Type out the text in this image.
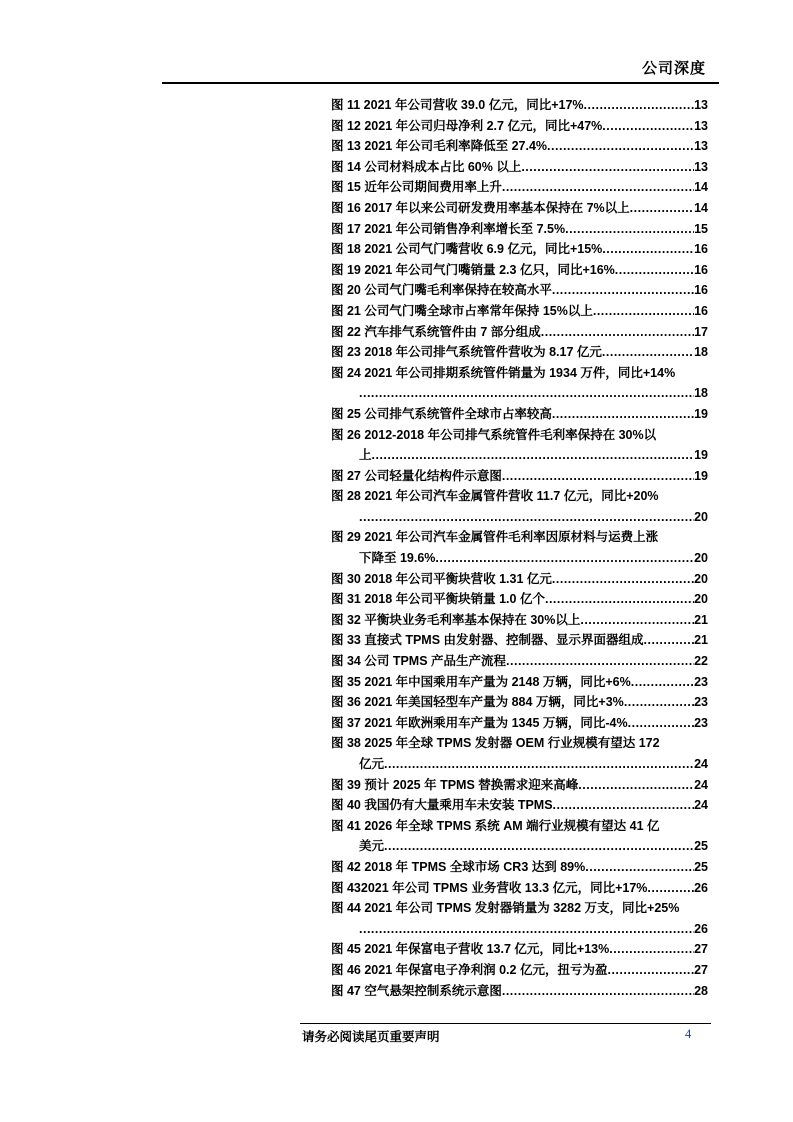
公司深度
图 11 2021 年公司营收 39.0 亿元，同比+17% .....	13
图 12 2021 年公司归母净利 2.7 亿元，同比+47% .....	13
图 13 2021 年公司毛利率降低至 27.4% .....	13
图 14 公司材料成本占比 60% 以上 .....	13
图 15 近年公司期间费用率上升 .....	14
图 16 2017 年以来公司研发费用率基本保持在 7%以上 .....	14
图 17 2021 年公司销售净利率增长至 7.5% .....	15
图 18 2021 公司气门嘴营收 6.9 亿元，同比+15% .....	16
图 19 2021 年公司气门嘴销量 2.3 亿只，同比+16% .....	16
图 20 公司气门嘴毛利率保持在较高水平 .....	16
图 21 公司气门嘴全球市占率常年保持 15%以上 .....	16
图 22 汽车排气系统管件由 7 部分组成 .....	17
图 23 2018 年公司排气系统管件营收为 8.17 亿元 .....	18
图 24 2021 年公司排期系统管件销量为 1934 万件，同比+14%
.....
18
图 25 公司排气系统管件全球市占率较高 .....	19
图 26 2012-2018 年公司排气系统管件毛利率保持在 30%以
上 .....	19
图 27 公司轻量化结构件示意图 .....	19
图 28 2021 年公司汽车金属管件营收 11.7 亿元，同比+20%
.....
20
图 29 2021 年公司汽车金属管件毛利率因原材料与运费上涨
下降至 19.6% .....	20
图 30 2018 年公司平衡块营收 1.31 亿元 .....	20
图 31 2018 年公司平衡块销量 1.0 亿个 .....	20
图 32 平衡块业务毛利率基本保持在 30%以上 .....	21
图 33 直接式 TPMS 由发射器、控制器、显示界面器组成 .....	21
图 34 公司 TPMS 产品生产流程 .....	22
图 35 2021 年中国乘用车产量为 2148 万辆，同比+6% .....	23
图 36 2021 年美国轻型车产量为 884 万辆，同比+3% .....	23
图 37 2021 年欧洲乘用车产量为 1345 万辆，同比-4% .....	23
图 38 2025 年全球 TPMS 发射器 OEM 行业规模有望达 172
亿元 .....	24
图 39 预计 2025 年 TPMS 替换需求迎来高峰 .....	24
图 40 我国仍有大量乘用车未安装 TPMS .....	24
图 41 2026 年全球 TPMS 系统 AM 端行业规模有望达 41 亿
美元 .....	25
图 42 2018 年 TPMS 全球市场 CR3 达到 89% .....	25
图 432021 年公司 TPMS 业务营收 13.3 亿元，同比+17% .....	26
图 44 2021 年公司 TPMS 发射器销量为 3282 万支，同比+25%
.....
26
图 45 2021 年保富电子营收 13.7 亿元，同比+13% .....	27
图 46 2021 年保富电子净利润 0.2 亿元，扭亏为盈 .....	27
图 47 空气悬架控制系统示意图 .....	28
请务必阅读尾页重要声明	4
